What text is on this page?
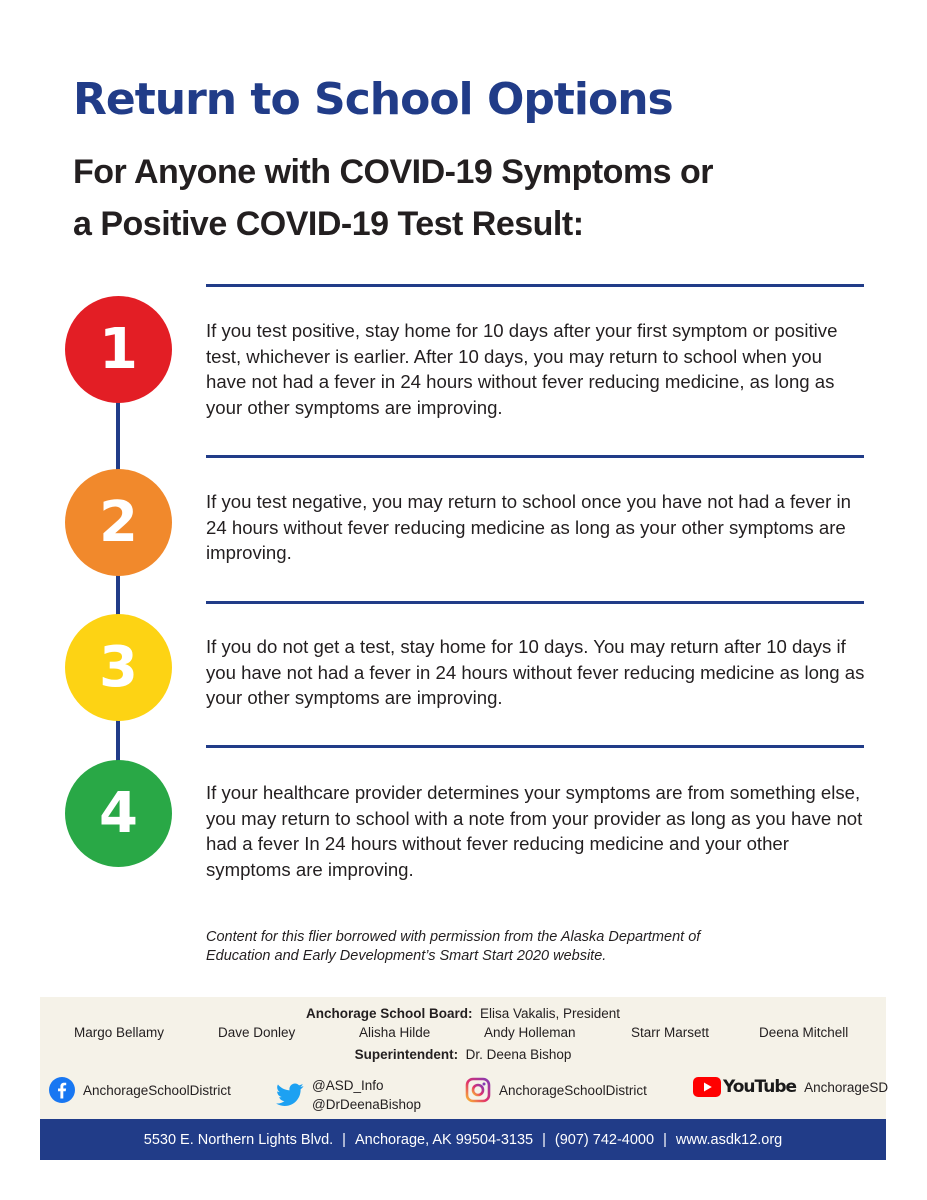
Return to School Options
For Anyone with COVID-19 Symptoms or
a Positive COVID-19 Test Result:
1	If you test positive, stay home for 10 days after your first symptom or positive test, whichever is earlier. After 10 days, you may return to school when you have not had a fever in 24 hours without fever reducing medicine, as long as your other symptoms are improving.

2	If you test negative, you may return to school once you have not had a fever in 24 hours without fever reducing medicine as long as your other symptoms are improving.

3	If you do not get a test, stay home for 10 days. You may return after 10 days if you have not had a fever in 24 hours without fever reducing medicine as long as your other symptoms are improving.

4	If your healthcare provider determines your symptoms are from something else, you may return to school with a note from your provider as long as you have not had a fever In 24 hours without fever reducing medicine and your other symptoms are improving.

Content for this flier borrowed with permission from the Alaska Department of
Education and Early Development’s Smart Start 2020 website.

Anchorage School Board: Elisa Vakalis, President
Margo Bellamy	Dave Donley	Alisha Hilde	Andy Holleman	Starr Marsett	Deena Mitchell
Superintendent: Dr. Deena Bishop
AnchorageSchoolDistrict	@ASD_Info
@DrDeenaBishop
AnchorageSchoolDistrict	YouTube AnchorageSD
5530 E. Northern Lights Blvd. | Anchorage, AK 99504-3135 | (907) 742-4000 | www.asdk12.org
